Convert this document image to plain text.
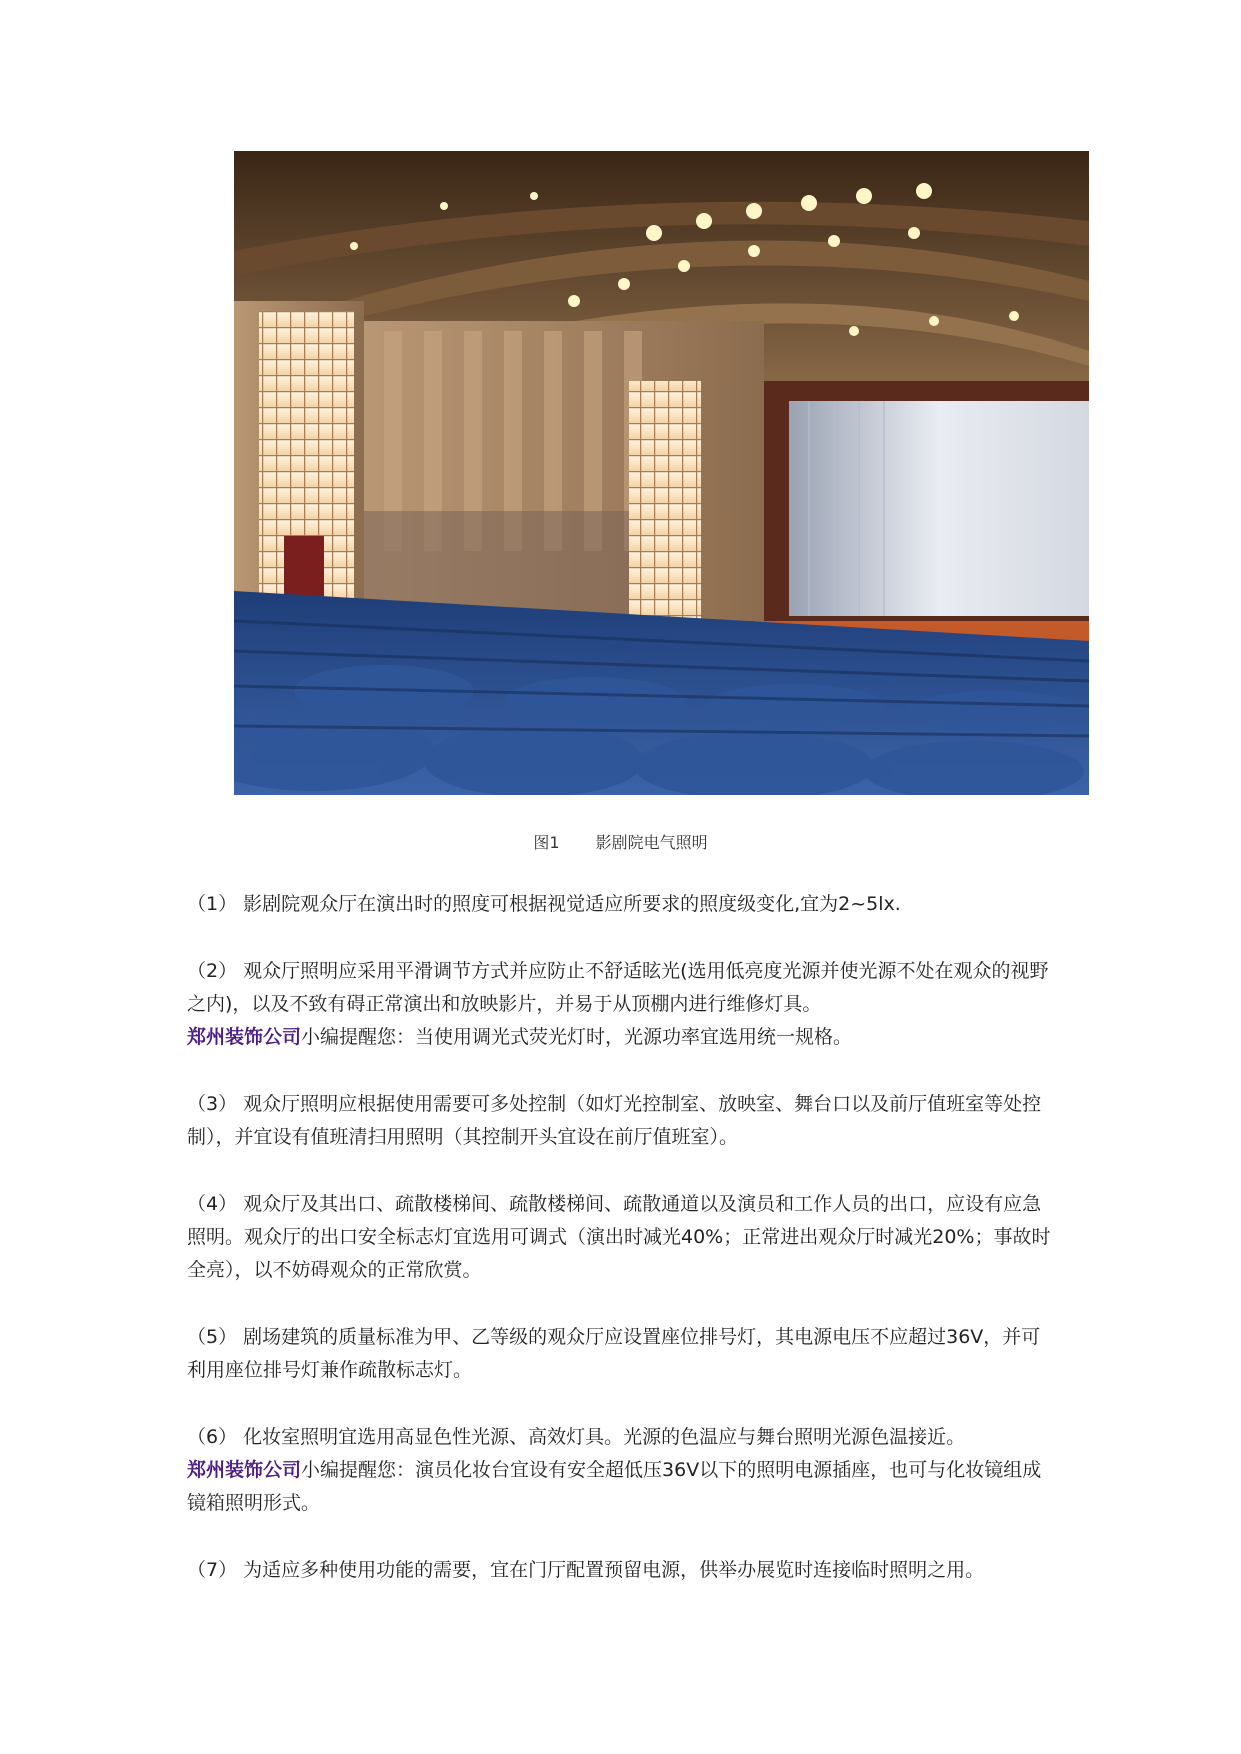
图1 影剧院电气照明

（1） 影剧院观众厅在演出时的照度可根据视觉适应所要求的照度级变化,宜为2~5lx.

（2） 观众厅照明应采用平滑调节方式并应防止不舒适眩光(选用低亮度光源并使光源不处在观众的视野之内)，以及不致有碍正常演出和放映影片，并易于从顶棚内进行维修灯具。
郑州装饰公司小编提醒您：当使用调光式荧光灯时，光源功率宜选用统一规格。

（3） 观众厅照明应根据使用需要可多处控制（如灯光控制室、放映室、舞台口以及前厅值班室等处控制），并宜设有值班清扫用照明（其控制开头宜设在前厅值班室）。

（4） 观众厅及其出口、疏散楼梯间、疏散楼梯间、疏散通道以及演员和工作人员的出口，应设有应急照明。观众厅的出口安全标志灯宜选用可调式（演出时减光40%；正常进出观众厅时减光20%；事故时全亮），以不妨碍观众的正常欣赏。

（5） 剧场建筑的质量标准为甲、乙等级的观众厅应设置座位排号灯，其电源电压不应超过36V，并可利用座位排号灯兼作疏散标志灯。

（6） 化妆室照明宜选用高显色性光源、高效灯具。光源的色温应与舞台照明光源色温接近。
郑州装饰公司小编提醒您：演员化妆台宜设有安全超低压36V以下的照明电源插座，也可与化妆镜组成镜箱照明形式。

（7） 为适应多种使用功能的需要，宜在门厅配置预留电源，供举办展览时连接临时照明之用。
